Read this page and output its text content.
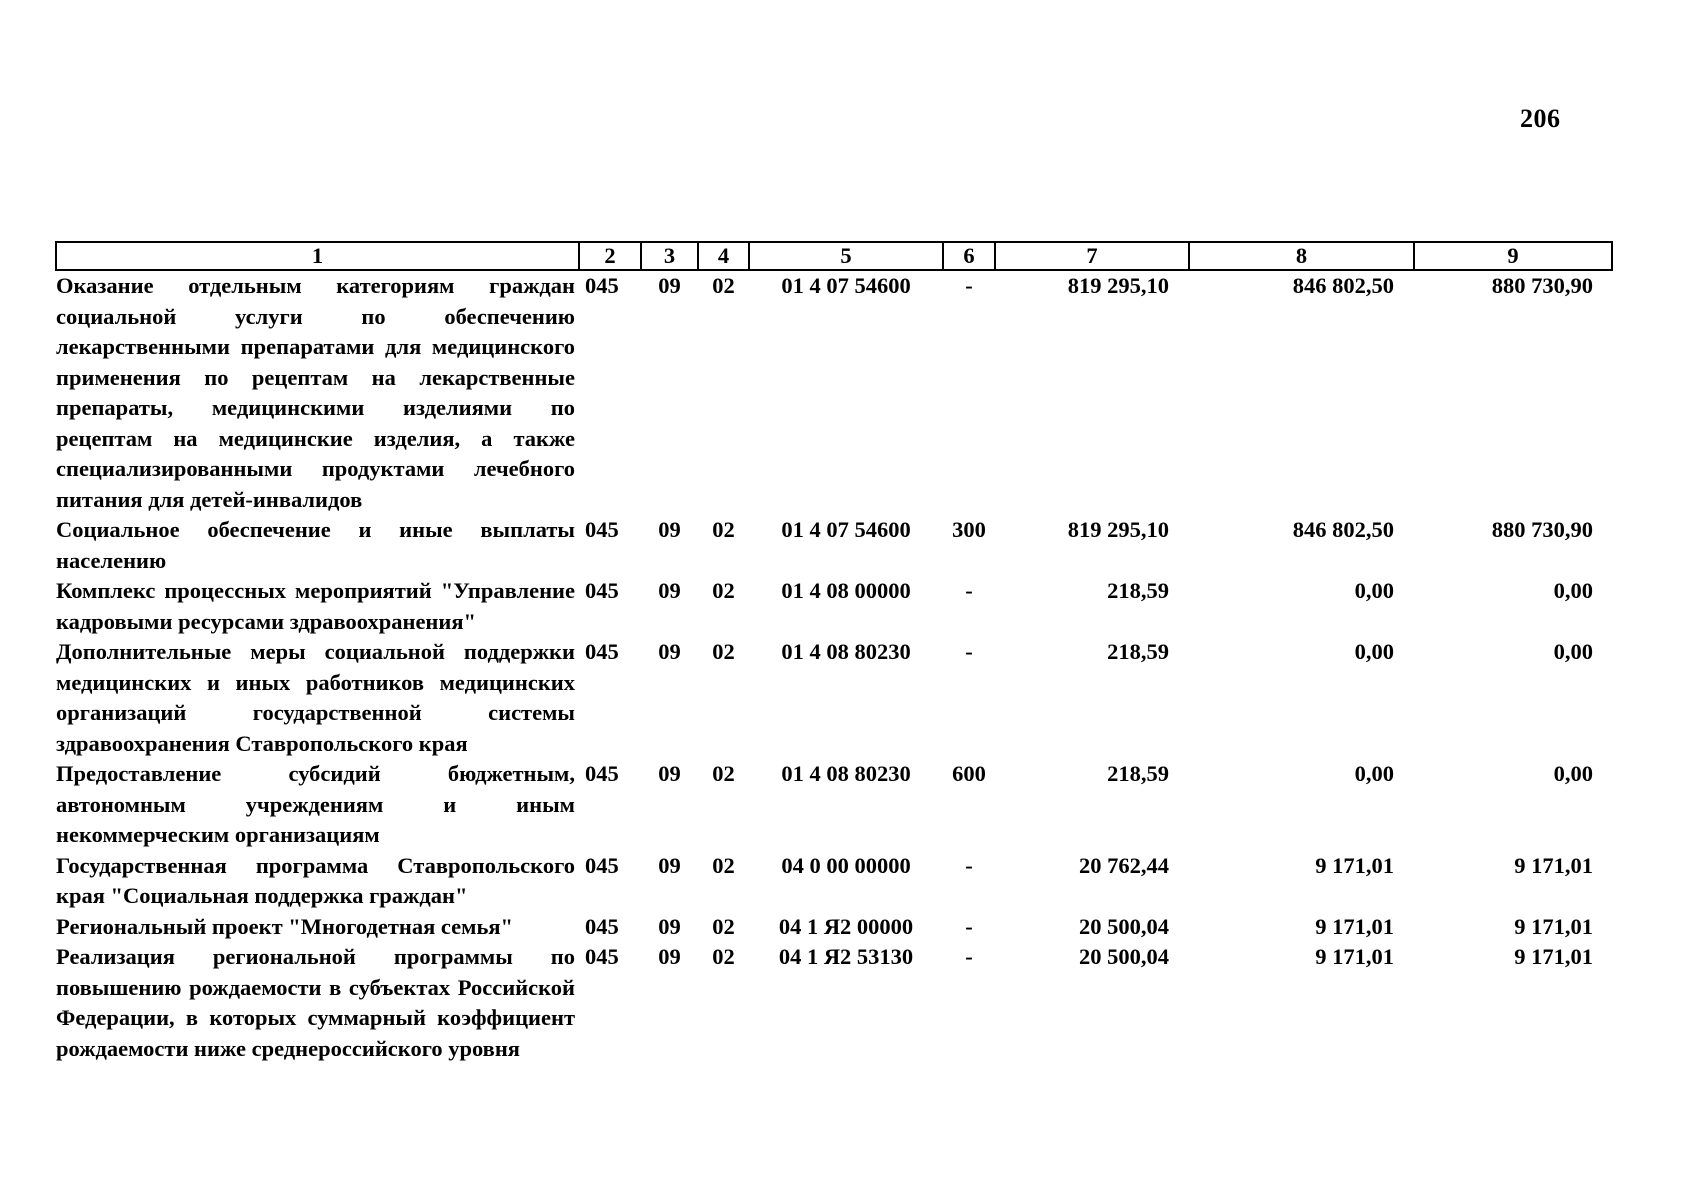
206
1	2	3	4	5	6	7	8	9
Оказание отдельным категориям граждан социальной услуги по обеспечению лекарственными препаратами для медицинского применения по рецептам на лекарственные препараты, медицинскими изделиями по рецептам на медицинские изделия, а также специализированными продуктами лечебного питания для детей-инвалидов	045	09	02	01 4 07 54600	-	819 295,10	846 802,50	880 730,90
Социальное обеспечение и иные выплаты населению	045	09	02	01 4 07 54600	300	819 295,10	846 802,50	880 730,90
Комплекс процессных мероприятий "Управление кадровыми ресурсами здравоохранения"	045	09	02	01 4 08 00000	-	218,59	0,00	0,00
Дополнительные меры социальной поддержки медицинских и иных работников медицинских организаций государственной системы здравоохранения Ставропольского края	045	09	02	01 4 08 80230	-	218,59	0,00	0,00
Предоставление субсидий бюджетным, автономным учреждениям и иным некоммерческим организациям	045	09	02	01 4 08 80230	600	218,59	0,00	0,00
Государственная программа Ставропольского края "Социальная поддержка граждан"	045	09	02	04 0 00 00000	-	20 762,44	9 171,01	9 171,01
Региональный проект "Многодетная семья"	045	09	02	04 1 Я2 00000	-	20 500,04	9 171,01	9 171,01
Реализация региональной программы по повышению рождаемости в субъектах Российской Федерации, в которых суммарный коэффициент рождаемости ниже среднероссийского уровня	045	09	02	04 1 Я2 53130	-	20 500,04	9 171,01	9 171,01
